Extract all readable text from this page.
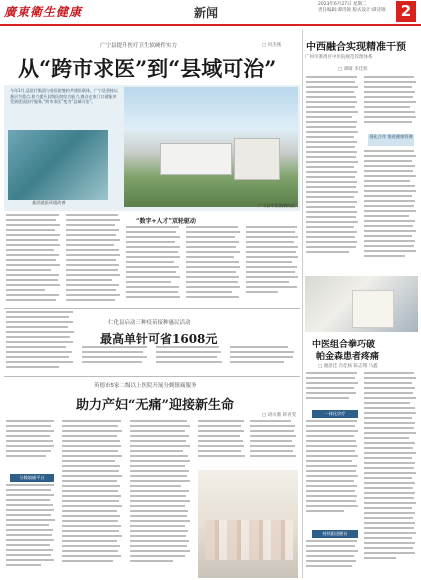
廣東衛生健康	新闻
2023年6月27日 星期二
责任编辑:谭诗锦 版式设计:谭诗锦	2
广宁县提升医疗卫生软硬件实力	□ 何杰燕
从“跨市求医”到“县域可治”
今年1月,县医疗集团与省医院签约共建医联体。广宁县坚持以基层为重点,着力提升县级医院综合能力,群众在家门口就能享受到优质医疗服务,“跨市求医”变为“县域可治”。
基层就医环境改善
广宁县中医院新院区
“数字+人才”双轮驱动
仁化县启动三种疫苗接种惠民活动
最高单针可省1608元
英德市5家二级以上医院开展分娩镇痛服务
助力产妇“无痛”迎接新生命
□ 胡川薇 韩青雯
分娩镇痛平台
中西融合实现精准干预
广州市番禺区中医院规范管理体系
□ 谭晴 李佳铭
强化合作 推进健康管理
中医组合拳巧破
帕金森患者疼痛
□ 谢思佳 肖佳杨 陈志翔 马鑫
一体化诊疗
持续跟进随访
